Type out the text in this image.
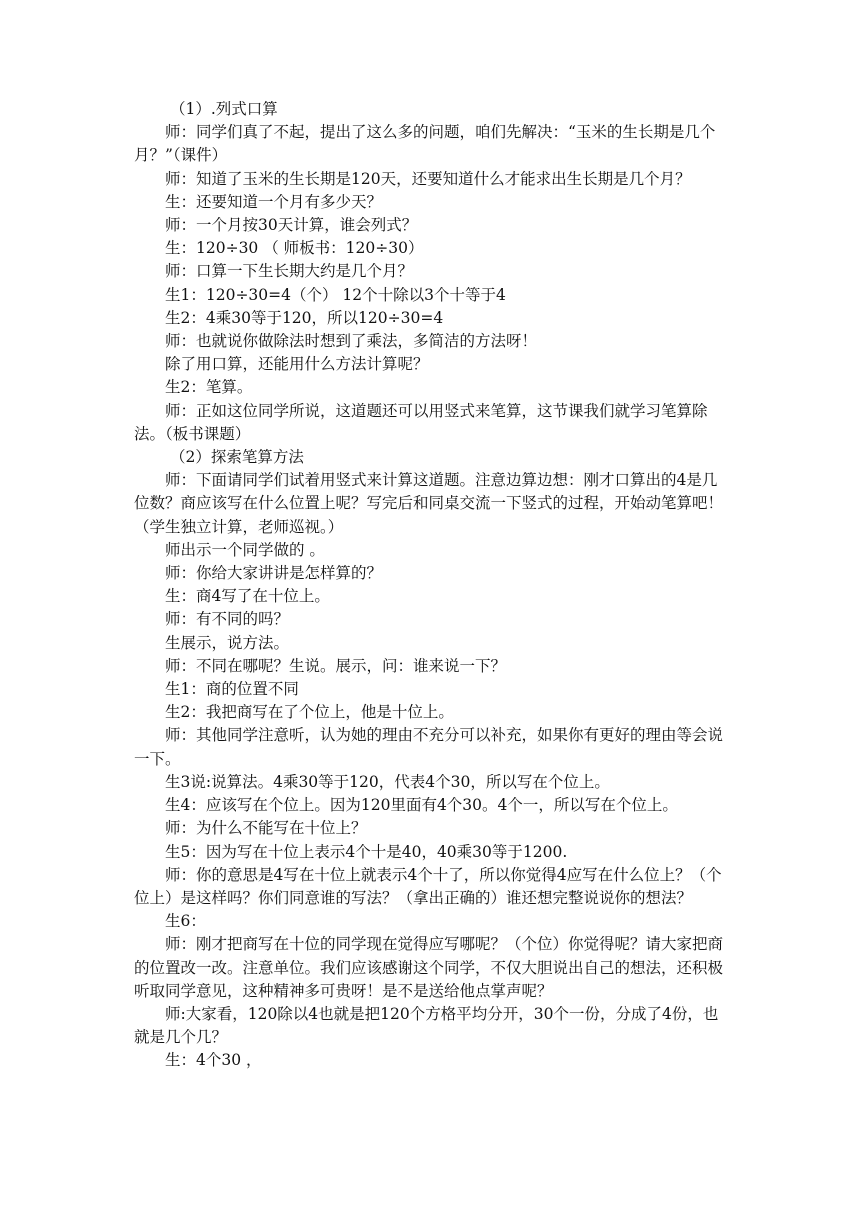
（1）.列式口算

师：同学们真了不起，提出了这么多的问题，咱们先解决：“玉米的生长期是几个月？”（课件）

师：知道了玉米的生长期是120天，还要知道什么才能求出生长期是几个月？

生：还要知道一个月有多少天？

师：一个月按30天计算，谁会列式？

生：120÷30 （ 师板书：120÷30）

师：口算一下生长期大约是几个月？

生1：120÷30=4（个） 12个十除以3个十等于4

生2：4乘30等于120，所以120÷30=4

师：也就说你做除法时想到了乘法，多简洁的方法呀！

除了用口算，还能用什么方法计算呢？

生2：笔算。

师：正如这位同学所说，这道题还可以用竖式来笔算，这节课我们就学习笔算除法。（板书课题）

（2）探索笔算方法

师：下面请同学们试着用竖式来计算这道题。注意边算边想：刚才口算出的4是几位数？商应该写在什么位置上呢？写完后和同桌交流一下竖式的过程，开始动笔算吧！（学生独立计算，老师巡视。）

师出示一个同学做的 。

师：你给大家讲讲是怎样算的？

生：商4写了在十位上。

师：有不同的吗？

生展示，说方法。

师：不同在哪呢？生说。展示，问：谁来说一下？

生1：商的位置不同

生2：我把商写在了个位上，他是十位上。

师：其他同学注意听，认为她的理由不充分可以补充，如果你有更好的理由等会说一下。

生3说:说算法。4乘30等于120，代表4个30，所以写在个位上。

生4：应该写在个位上。因为120里面有4个30。4个一，所以写在个位上。

师：为什么不能写在十位上？

生5：因为写在十位上表示4个十是40，40乘30等于1200.

师：你的意思是4写在十位上就表示4个十了，所以你觉得4应写在什么位上？（个位上）是这样吗？你们同意谁的写法？（拿出正确的）谁还想完整说说你的想法？

生6：

师：刚才把商写在十位的同学现在觉得应写哪呢？（个位）你觉得呢？请大家把商的位置改一改。注意单位。我们应该感谢这个同学，不仅大胆说出自己的想法，还积极听取同学意见，这种精神多可贵呀！是不是送给他点掌声呢？

师:大家看，120除以4也就是把120个方格平均分开，30个一份，分成了4份，也就是几个几？

生：4个30 ，
